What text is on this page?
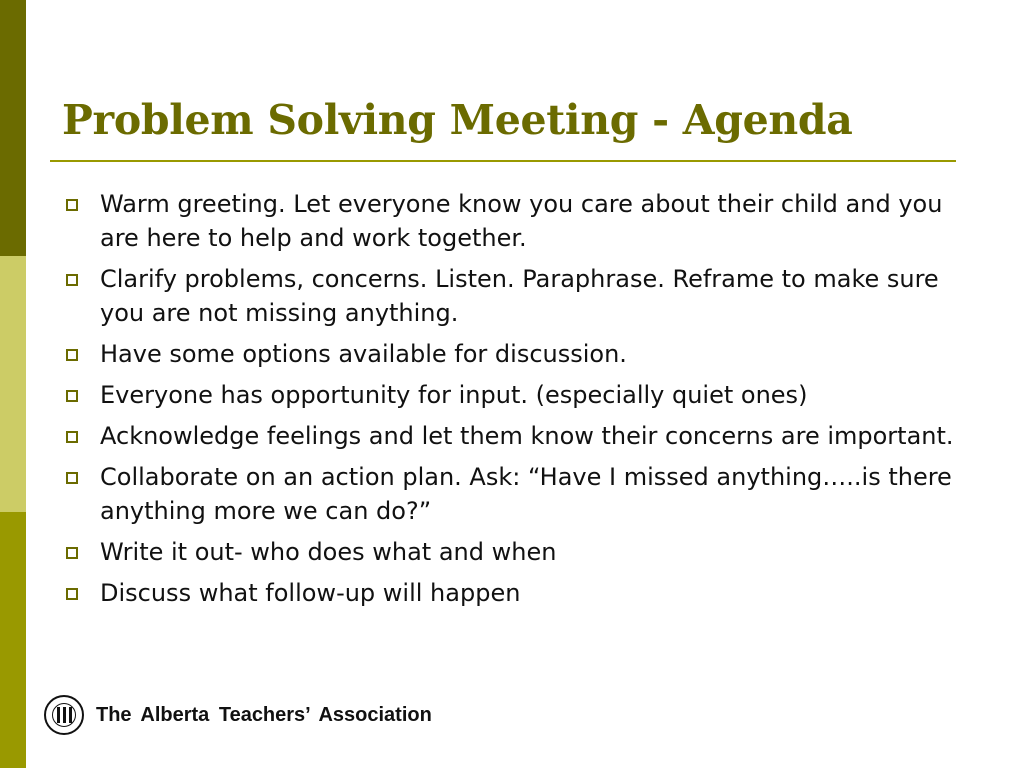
Problem Solving Meeting - Agenda
Warm greeting. Let everyone know you care about their child and you are here to help and work together.
Clarify problems, concerns. Listen. Paraphrase. Reframe to make sure you are not missing anything.
Have some options available for discussion.
Everyone has opportunity for input. (especially quiet ones)
Acknowledge feelings and let them know their concerns are important.
Collaborate on an action plan. Ask: “Have I missed anything…..is there anything more we can do?”
Write it out- who does what and when
Discuss what follow-up will happen
The Alberta Teachers’ Association
